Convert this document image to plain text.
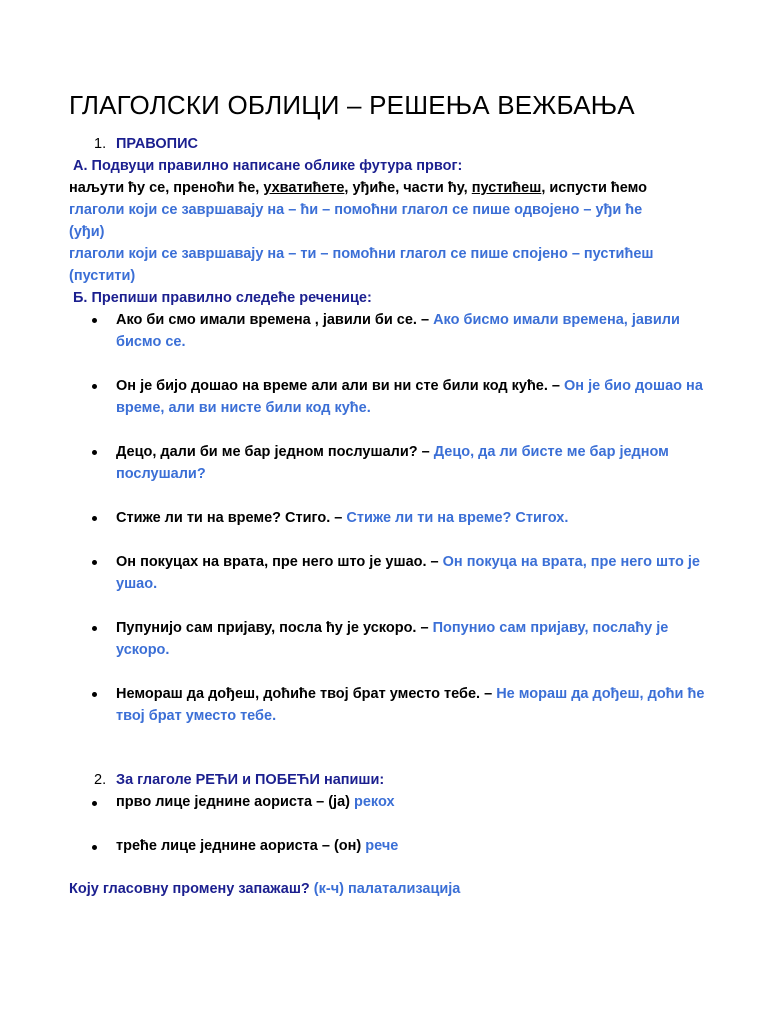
ГЛАГОЛСКИ ОБЛИЦИ – РЕШЕЊА ВЕЖБАЊА
1. ПРАВОПИС
А. Подвуци правилно написане облике футура првог:
наљути ћу се, преноћи ће, ухватићете, уђиће, части ћу, пустићеш, испусти ћемо
глаголи који се завршавају на – ћи – помоћни глагол се пише одвојено – уђи ће
(уђи)
глаголи који се завршавају на – ти – помоћни глагол се пише спојено – пустићеш
(пустити)
Б. Препиши правилно следеће реченице:
Ако би смо имали времена , јавили би се. – Ако бисмо имали времена, јавили бисмо се.
Он је бијо дошао на време али али ви ни сте били код куће. – Он је био дошао на време, али ви нисте били код куће.
Децо, дали би ме бар једном послушали? – Децо, да ли бисте ме бар једном послушали?
Стиже ли ти на време? Стиго. – Стиже ли ти на време? Стигох.
Он покуцах на врата, пре него што је ушао. – Он покуца на врата, пре него што је ушао.
Пупунијо сам пријаву, посла ћу је ускоро. – Попунио сам пријаву, послаћу је ускоро.
Немораш да дођеш, доћиће твој брат уместо тебе. – Не мораш да дођеш, доћи ће твој брат уместо тебе.
2. За глаголе РЕЋИ и ПОБЕЋИ напиши:
прво лице једнине аориста – (ја) рекох
треће лице једнине аориста – (он) рече
Коју гласовну промену запажаш? (к-ч) палатализација
